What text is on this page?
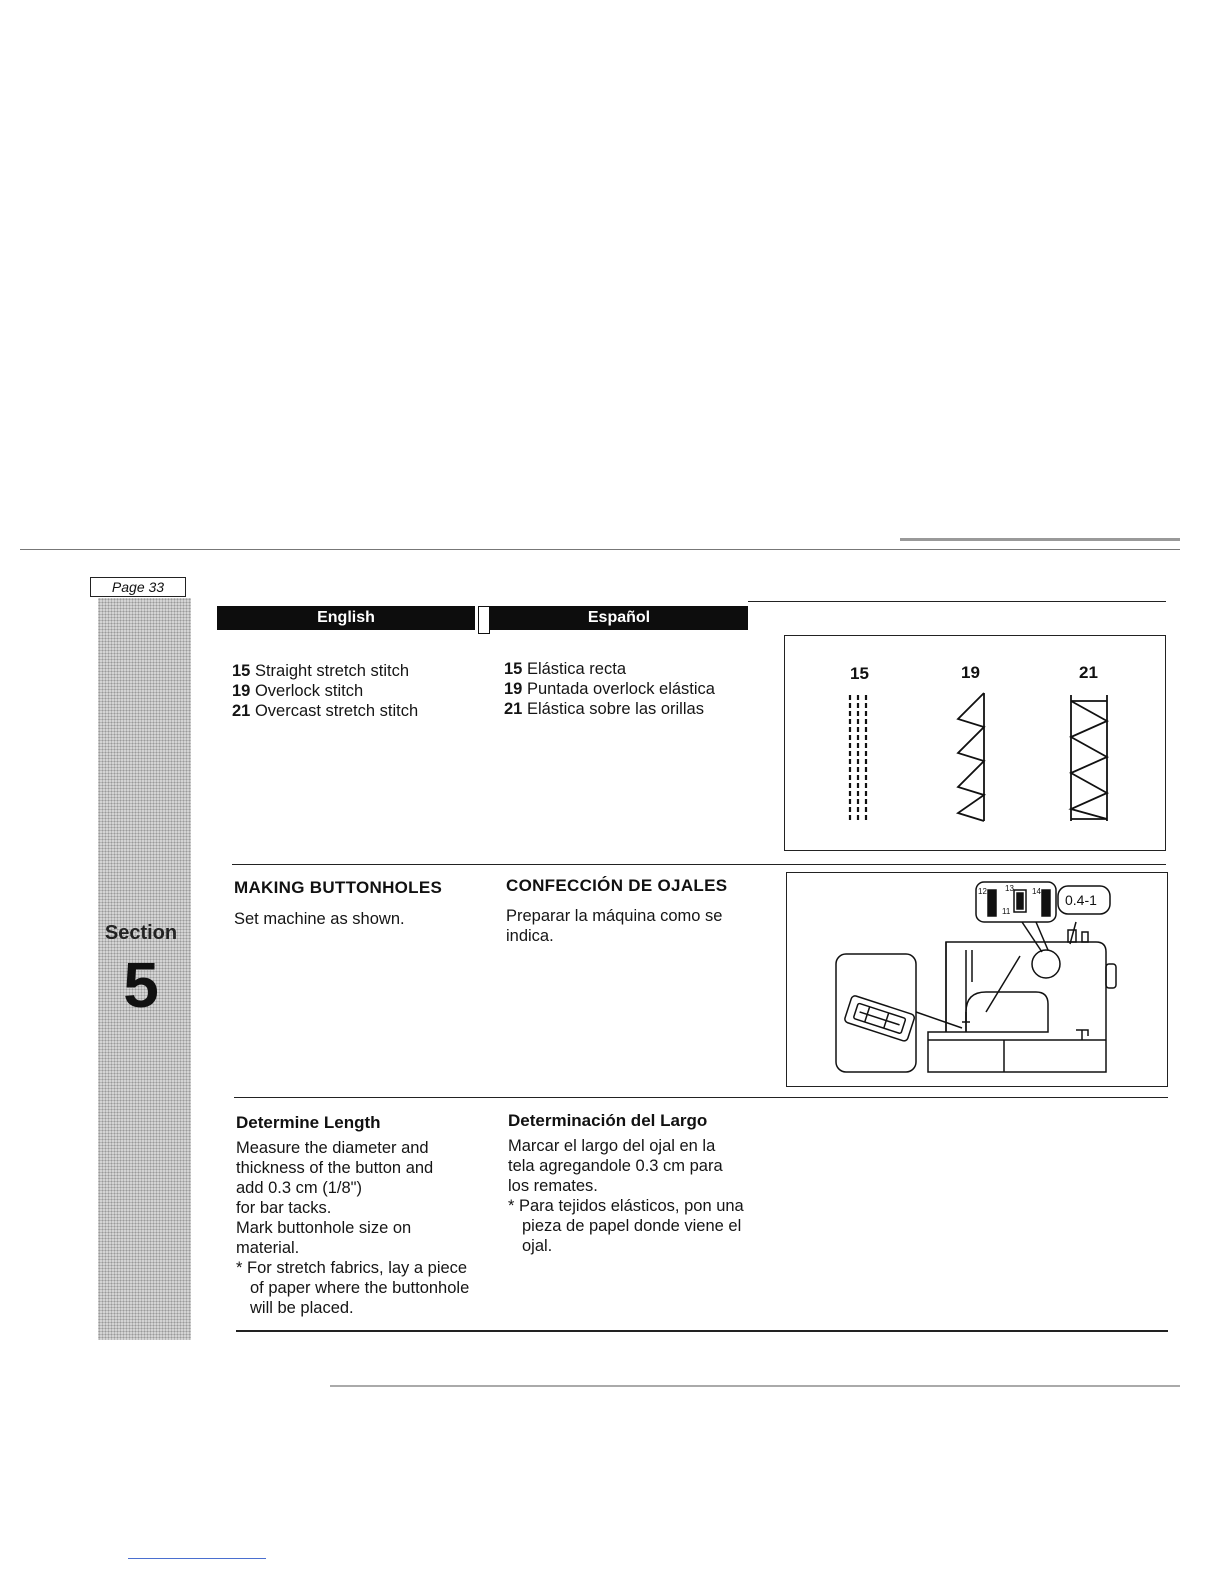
Page 33
Section
5
English	Español
15 Straight stretch stitch
19 Overlock stitch
21 Overcast stretch stitch
15 Elástica recta
19 Puntada overlock elástica
21 Elástica sobre las orillas
15	19	21
MAKING BUTTONHOLES
Set machine as shown.
CONFECCIÓN DE OJALES
Preparar la máquina como se
indica.
12 13 14
11
0.4-1
Determine Length
Measure the diameter and
thickness of the button and
add 0.3 cm (1/8")
for bar tacks.
Mark buttonhole size on
material.
* For stretch fabrics, lay a piece of paper where the buttonhole will be placed.
Determinación del Largo
Marcar el largo del ojal en la
tela agregandole 0.3 cm para
los remates.
* Para tejidos elásticos, pon una pieza de papel donde viene el ojal.
